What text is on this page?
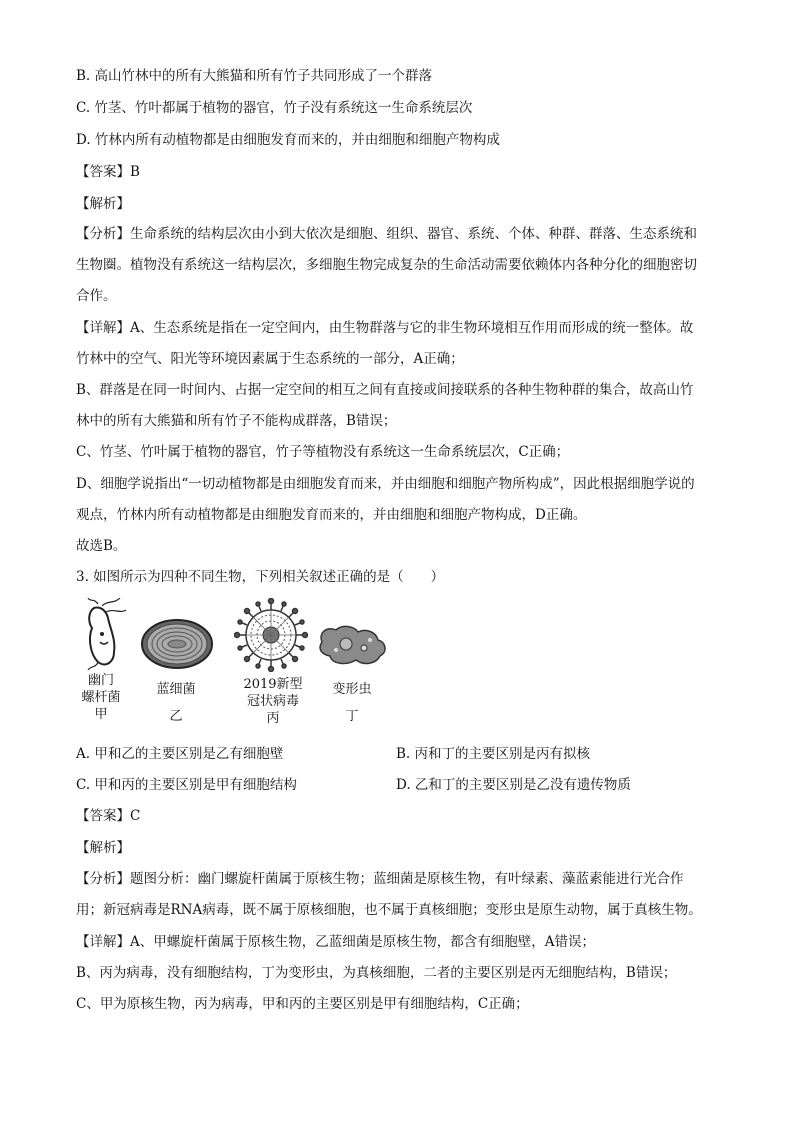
B. 高山竹林中的所有大熊猫和所有竹子共同形成了一个群落
C. 竹茎、竹叶都属于植物的器官，竹子没有系统这一生命系统层次
D. 竹林内所有动植物都是由细胞发育而来的，并由细胞和细胞产物构成
【答案】B
【解析】
【分析】生命系统的结构层次由小到大依次是细胞、组织、器官、系统、个体、种群、群落、生态系统和
生物圈。植物没有系统这一结构层次，多细胞生物完成复杂的生命活动需要依赖体内各种分化的细胞密切
合作。
【详解】A、生态系统是指在一定空间内，由生物群落与它的非生物环境相互作用而形成的统一整体。故
竹林中的空气、阳光等环境因素属于生态系统的一部分，A正确；
B、群落是在同一时间内、占据一定空间的相互之间有直接或间接联系的各种生物种群的集合，故高山竹
林中的所有大熊猫和所有竹子不能构成群落，B错误；
C、竹茎、竹叶属于植物的器官，竹子等植物没有系统这一生命系统层次，C正确；
D、细胞学说指出“一切动植物都是由细胞发育而来，并由细胞和细胞产物所构成”，因此根据细胞学说的
观点，竹林内所有动植物都是由细胞发育而来的，并由细胞和细胞产物构成，D正确。
故选B。
3. 如图所示为四种不同生物，下列相关叙述正确的是（　　）
幽门
螺杆菌
甲
蓝细菌
乙
2019新型
冠状病毒
丙
变形虫
丁
A. 甲和乙的主要区别是乙有细胞壁	B. 丙和丁的主要区别是丙有拟核
C. 甲和丙的主要区别是甲有细胞结构	D. 乙和丁的主要区别是乙没有遗传物质
【答案】C
【解析】
【分析】题图分析：幽门螺旋杆菌属于原核生物；蓝细菌是原核生物，有叶绿素、藻蓝素能进行光合作
用；新冠病毒是RNA病毒，既不属于原核细胞，也不属于真核细胞；变形虫是原生动物，属于真核生物。
【详解】A、甲螺旋杆菌属于原核生物，乙蓝细菌是原核生物，都含有细胞壁，A错误；
B、丙为病毒，没有细胞结构，丁为变形虫，为真核细胞，二者的主要区别是丙无细胞结构，B错误；
C、甲为原核生物，丙为病毒，甲和丙的主要区别是甲有细胞结构，C正确；
